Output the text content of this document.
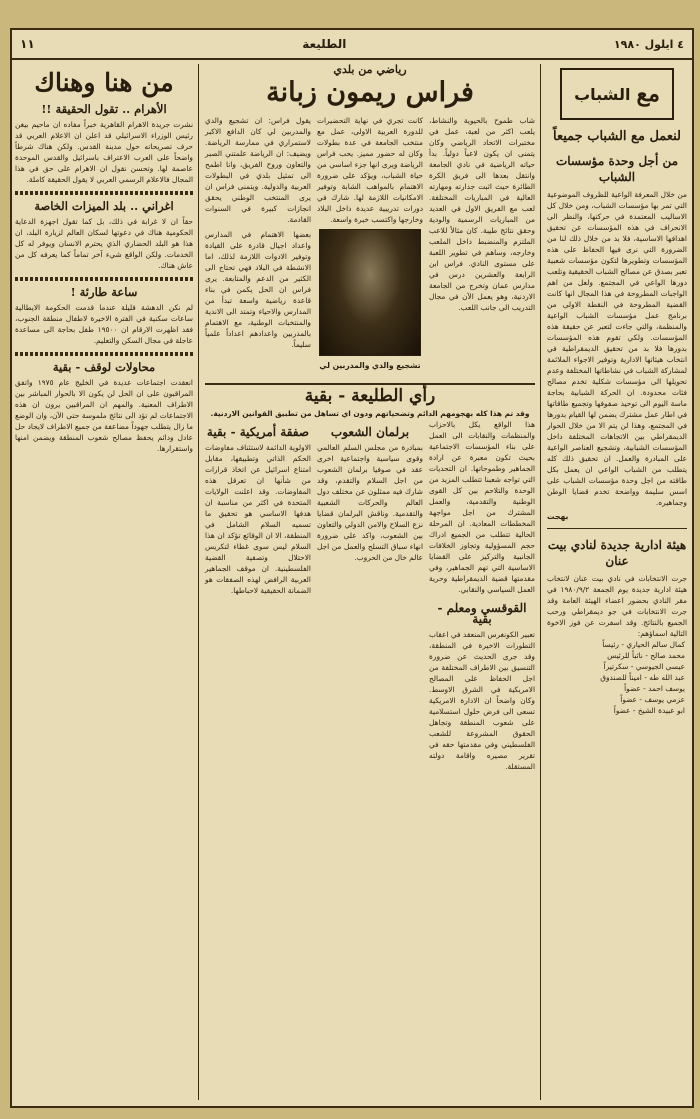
٤ ايلول ١٩٨٠
الطليعة
١١
مع
الشباب
لنعمل مع الشباب جميعاً
من أجل وحدة مؤسسات الشباب
من خلال المعرفة الواعية للظروف الموضوعية التي تمر بها مؤسسات الشباب، ومن خلال كل الاساليب المعتمدة في حركتها، والنظر الى الانحراف في هذه المؤسسات عن تحقيق اهدافها الاساسية، فلا بد من خلال ذلك لنا من الضرورة التي نرى فيها الحفاظ على هذه المؤسسات وتطويرها لتكون مؤسسات شعبية تعبر بصدق عن مصالح الشباب الحقيقية وتلعب دورها الواعي في المجتمع. ولعل من اهم الواجبات المطروحة في هذا المجال انها كانت القضية المطروحة في النقطة الاولى من برنامج عمل مؤسسات الشباب الواعية والمنظمة، والتي جاءت لتعبر عن حقيقة هذه المؤسسات. ولكي تقوم هذه المؤسسات بدورها فلا بد من تحقيق الديمقراطية في انتخاب هيئاتها الادارية وتوفير الاجواء الملائمة لمشاركة الشباب في نشاطاتها المختلفة وعدم تحويلها الى مؤسسات شكلية تخدم مصالح فئات محدودة. ان الحركة الشبابية بحاجة ماسة اليوم الى توحيد صفوفها وتجميع طاقاتها في اطار عمل مشترك يضمن لها القيام بدورها في المجتمع، وهذا لن يتم الا من خلال الحوار الديمقراطي بين الاتجاهات المختلفة داخل المؤسسات الشبابية، وتشجيع العناصر الواعية على المبادرة والعمل. ان تحقيق ذلك كله يتطلب من الشباب الواعي ان يعمل بكل طاقته من اجل وحدة مؤسسات الشباب على اسس سليمة وواضحة تخدم قضايا الوطن وجماهيره.
بهجت
هيئة ادارية جديدة لنادي بيت عنان
جرت الانتخابات في نادي بيت عنان لانتخاب هيئة ادارية جديدة يوم الجمعة ١٩٨٠/٩/٢ في مقر النادي بحضور اعضاء الهيئة العامة وقد جرت الانتخابات في جو ديمقراطي ورحب الجميع بالنتائج. وقد اسفرت عن فوز الاخوة التالية اسماؤهم:
كمال سالم الحياري - رئيساً
محمد صالح - نائباً للرئيس
عيسى الجيوسي - سكرتيراً
عبد الله طه - اميناً للصندوق
يوسف احمد - عضواً
عزمي يوسف - عضواً
ابو عبيدة الشيخ - عضواً
رياضي من بلدي
فراس ريمون زبانة
شاب طموح بالحيوية والنشاط، يلعب اكثر من لعبة، عمل في مختبرات الاتحاد الرياضي وكان يتمنى ان يكون لاعباً دولياً. بدأ حياته الرياضية في نادي الجامعة وانتقل بعدها الى فريق الكرة الطائرة حيث اثبت جدارته ومهارته العالية في المباريات المختلفة. لعب مع الفريق الاول في العديد من المباريات الرسمية والودية وحقق نتائج طيبة. كان مثالاً للاعب الملتزم والمنضبط داخل الملعب وخارجه، وساهم في تطوير اللعبة على مستوى النادي. فراس ابن الرابعة والعشرين درس في مدارس عمان وتخرج من الجامعة الاردنية، وهو يعمل الآن في مجال التدريب الى جانب اللعب.
كانت تجري في نهاية التحضيرات للدورة العربية الاولى، عمل مع منتخب الجامعة في عدة بطولات وكان له حضور مميز. يحب فراس الرياضة ويرى انها جزء اساسي من حياة الشباب، ويؤكد على ضرورة الاهتمام بالمواهب الشابة وتوفير الامكانيات اللازمة لها. شارك في دورات تدريبية عديدة داخل البلاد وخارجها واكتسب خبرة واسعة.
تشجيع والدي والمدربين لي
يقول فراس: ان تشجيع والدي والمدربين لي كان الدافع الاكبر لاستمراري في ممارسة الرياضة. ويضيف: ان الرياضة علمتني الصبر والتعاون وروح الفريق، وانا اطمح الى تمثيل بلدي في البطولات العربية والدولية. ويتمنى فراس ان يرى المنتخب الوطني يحقق انجازات كبيرة في السنوات القادمة.
بعضها الاهتمام في المدارس واعداد اجيال قادرة على القيادة وتوفير الادوات اللازمة لذلك، اما الانشطة في البلاد فهي تحتاج الى الكثير من الدعم والمتابعة. يرى فراس ان الحل يكمن في بناء قاعدة رياضية واسعة تبدأ من المدارس والاحياء وتمتد الى الاندية والمنتخبات الوطنية، مع الاهتمام بالمدربين واعدادهم اعداداً علمياً سليماً.
رأي الطليعة - بقية
وقد تم هذا كله بهجومهم الدائم وتضحياتهم ودون اي تساهل من تطبيق القوانين الاردنية.
هذا الواقع يكل بالاحزاب والمنظمات والنقابات الى العمل على بناء المؤسسات الاجتماعية بحيث تكون معبرة عن ارادة الجماهير وطموحاتها. ان التحديات التي تواجه شعبنا تتطلب المزيد من الوحدة والتلاحم بين كل القوى الوطنية والتقدمية، والعمل المشترك من اجل مواجهة المخططات المعادية. ان المرحلة الحالية تتطلب من الجميع ادراك حجم المسؤولية وتجاوز الخلافات الجانبية والتركيز على القضايا الاساسية التي تهم الجماهير، وفي مقدمتها قضية الديمقراطية وحرية العمل السياسي والنقابي.
القوقسي ومعلم - بقية
تعبير الكونغرس المنعقد في اعقاب التطورات الاخيرة في المنطقة، وقد جرى الحديث عن ضرورة التنسيق بين الاطراف المختلفة من اجل الحفاظ على المصالح الامريكية في الشرق الاوسط. وكان واضحاً ان الادارة الامريكية تسعى الى فرض حلول استسلامية على شعوب المنطقة وتجاهل الحقوق المشروعة للشعب الفلسطيني وفي مقدمتها حقه في تقرير مصيره واقامة دولته المستقلة.
برلمان الشعوب
بمبادرة من مجلس السلم العالمي وقوى سياسية واجتماعية اخرى عقد في صوفيا برلمان الشعوب من اجل السلام والتقدم، وقد شارك فيه ممثلون عن مختلف دول العالم والحركات الشعبية والتقدمية. وناقش البرلمان قضايا نزع السلاح والامن الدولي والتعاون بين الشعوب، واكد على ضرورة انهاء سباق التسلح والعمل من اجل عالم خال من الحروب.
صفقة أمريكية - بقية
الاولوية الدائمة لاستئناف مفاوضات الحكم الذاتي وتطبيقها، مقابل امتناع اسرائيل عن اتخاذ قرارات من شأنها ان تعرقل هذه المفاوضات. وقد اعلنت الولايات المتحدة في اكثر من مناسبة ان هدفها الاساسي هو تحقيق ما تسميه السلام الشامل في المنطقة، الا ان الوقائع تؤكد ان هذا السلام ليس سوى غطاء لتكريس الاحتلال وتصفية القضية الفلسطينية. ان موقف الجماهير العربية الرافض لهذه الصفقات هو الضمانة الحقيقية لاحباطها.
من هنا وهناك
الأهرام .. تقول الحقيقة !!
نشرت جريدة الاهرام القاهرية خبراً مفاده ان ماحيم بيغن رئيس الوزراء الاسرائيلي قد اعلن ان الاعلام العربي قد حرف تصريحاته حول مدينة القدس. ولكن هناك شرطاً واضحاً على العرب الاعتراف باسرائيل والقدس الموحدة عاصمة لها. وتحسن نقول ان الاهرام على حق في هذا المجال فالاعلام الرسمي العربي لا يقول الحقيقة كاملة.
اغراني .. بلد الميزات الخاصة
حقاً ان لا غرابة في ذلك، بل كما تقول اجهزة الدعاية الحكومية هناك في دعوتها لسكان العالم لزيارة البلد، ان هذا هو البلد الحضاري الذي يحترم الانسان ويوفر له كل الخدمات. ولكن الواقع شيء آخر تماماً كما يعرفه كل من عاش هناك.
ساعة طارئة !
لم نكن الدهشة قليلة عندما قدمت الحكومة الايطالية ساعات سكنية في الفترة الاخيرة لاطفال منطقة الجنوب، فقد اظهرت الارقام ان ١٩٥٠٠ طفل بحاجة الى مساعدة عاجلة في مجال السكن والتعليم.
محاولات لوقف - بقية
انعقدت اجتماعات عديدة في الخليج عام ١٩٧٥ واتفق المراقبون على ان الحل لن يكون الا بالحوار المباشر بين الاطراف المعنية. والمهم ان المراقبين يرون ان هذه الاجتماعات لم تؤد الى نتائج ملموسة حتى الآن، وان الوضع ما زال يتطلب جهوداً مضاعفة من جميع الاطراف لايجاد حل عادل ودائم يحفظ مصالح شعوب المنطقة ويضمن امنها واستقرارها.
